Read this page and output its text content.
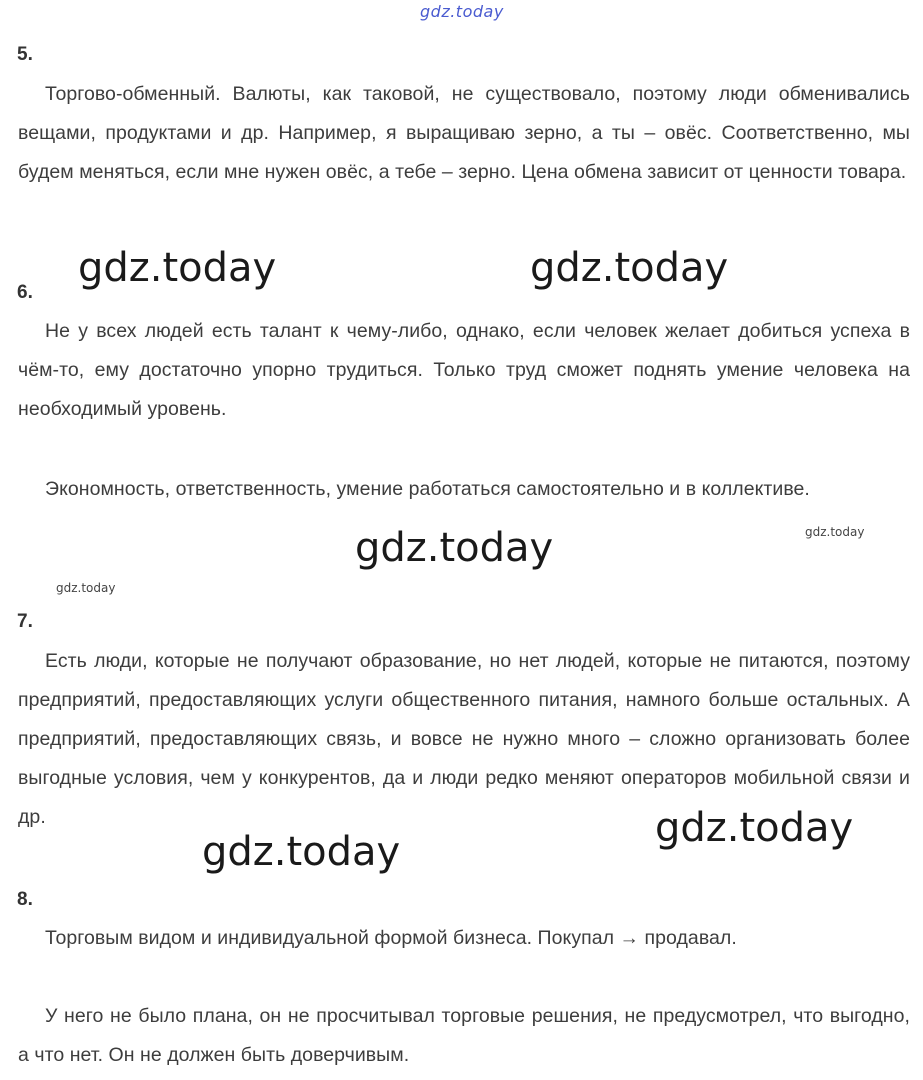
gdz.today
5.

Торгово-обменный. Валюты, как таковой, не существовало, поэтому люди обменивались вещами, продуктами и др. Например, я выращиваю зерно, а ты – овёс. Соответственно, мы будем меняться, если мне нужен овёс, а тебе – зерно. Цена обмена зависит от ценности товара.

gdz.today	gdz.today
6.

Не у всех людей есть талант к чему-либо, однако, если человек желает добиться успеха в чём-то, ему достаточно упорно трудиться. Только труд сможет поднять умение человека на необходимый уровень.

Экономность, ответственность, умение работаться самостоятельно и в коллективе.

gdz.today
gdz.today
gdz.today
7.

Есть люди, которые не получают образование, но нет людей, которые не питаются, поэтому предприятий, предоставляющих услуги общественного питания, намного больше остальных. А предприятий, предоставляющих связь, и вовсе не нужно много – сложно организовать более выгодные условия, чем у конкурентов, да и люди редко меняют операторов мобильной связи и др.	gdz.today
gdz.today
8.

Торговым видом и индивидуальной формой бизнеса. Покупал → продавал.

У него не было плана, он не просчитывал торговые решения, не предусмотрел, что выгодно, а что нет. Он не должен быть доверчивым.
